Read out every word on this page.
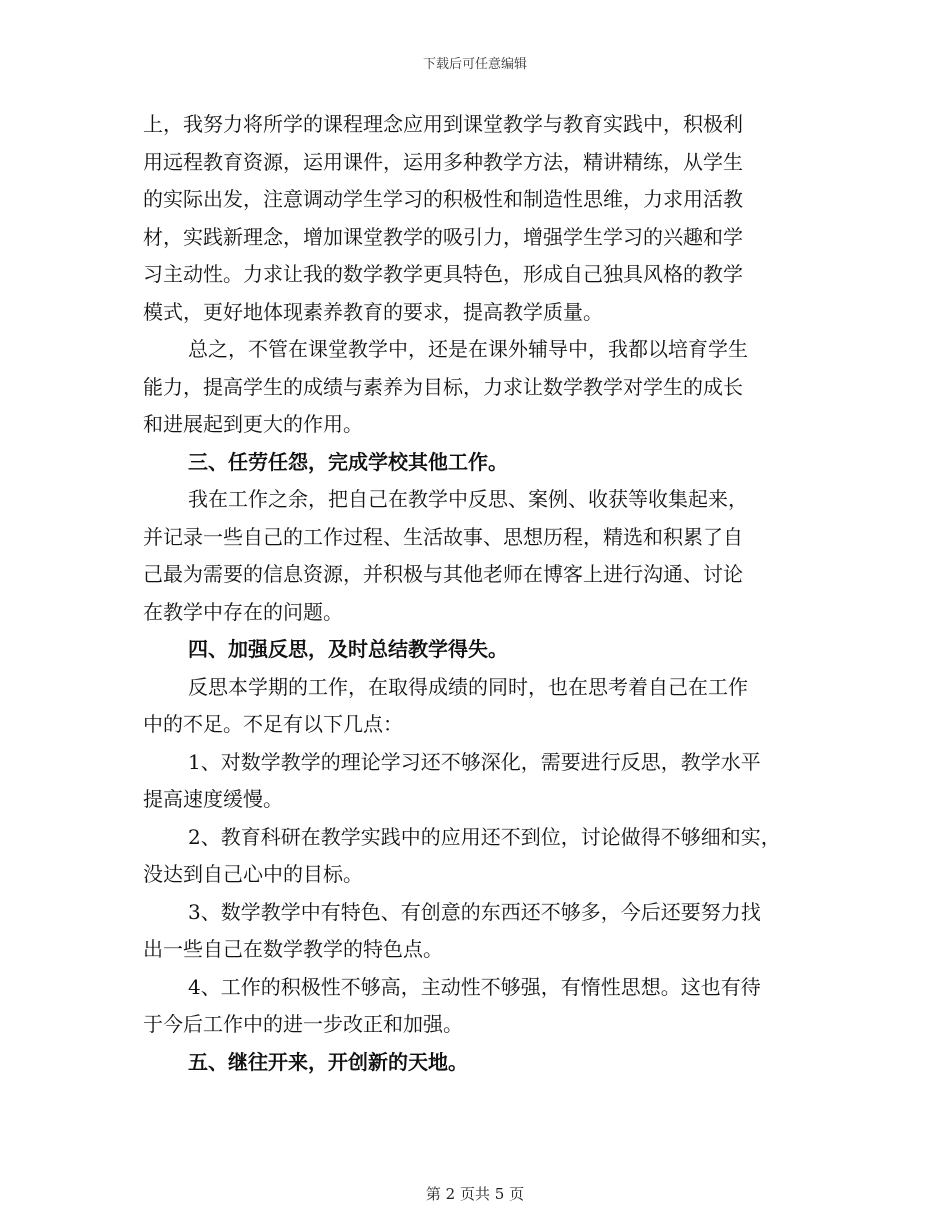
下载后可任意编辑
上，我努力将所学的课程理念应用到课堂教学与教育实践中，积极利
用远程教育资源，运用课件，运用多种教学方法，精讲精练，从学生
的实际出发，注意调动学生学习的积极性和制造性思维，力求用活教
材，实践新理念，增加课堂教学的吸引力，增强学生学习的兴趣和学
习主动性。力求让我的数学教学更具特色，形成自己独具风格的教学
模式，更好地体现素养教育的要求，提高教学质量。
总之，不管在课堂教学中，还是在课外辅导中，我都以培育学生
能力，提高学生的成绩与素养为目标，力求让数学教学对学生的成长
和进展起到更大的作用。
三、任劳任怨，完成学校其他工作。
我在工作之余，把自己在教学中反思、案例、收获等收集起来，
并记录一些自己的工作过程、生活故事、思想历程，精选和积累了自
己最为需要的信息资源，并积极与其他老师在博客上进行沟通、讨论
在教学中存在的问题。
四、加强反思，及时总结教学得失。
反思本学期的工作，在取得成绩的同时，也在思考着自己在工作
中的不足。不足有以下几点：
1、对数学教学的理论学习还不够深化，需要进行反思，教学水平
提高速度缓慢。
2、教育科研在教学实践中的应用还不到位，讨论做得不够细和实，
没达到自己心中的目标。
3、数学教学中有特色、有创意的东西还不够多，今后还要努力找
出一些自己在数学教学的特色点。
4、工作的积极性不够高，主动性不够强，有惰性思想。这也有待
于今后工作中的进一步改正和加强。
五、继往开来，开创新的天地。
第 2 页共 5 页
